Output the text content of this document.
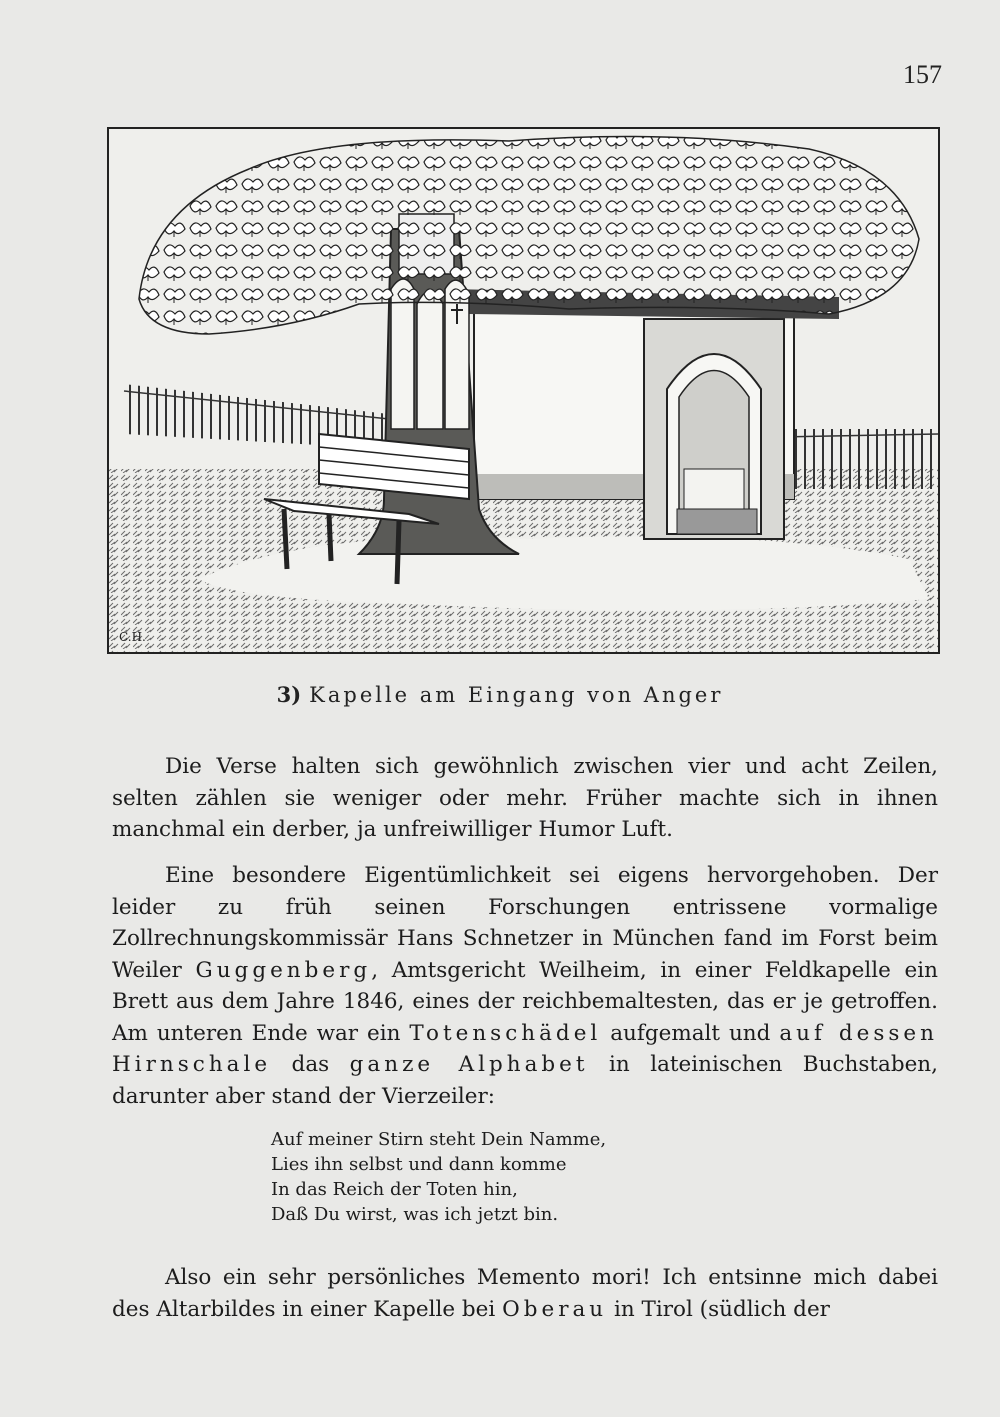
157
C.H.
3) Kapelle am Eingang von Anger
Die Verse halten sich gewöhnlich zwischen vier und acht Zeilen, selten zählen sie weniger oder mehr. Früher machte sich in ihnen manchmal ein derber, ja unfreiwilliger Humor Luft.
Eine besondere Eigentümlichkeit sei eigens hervorgehoben. Der leider zu früh seinen Forschungen entrissene vormalige Zollrechnungskommissär Hans Schnetzer in München fand im Forst beim Weiler Guggenberg, Amtsgericht Weilheim, in einer Feldkapelle ein Brett aus dem Jahre 1846, eines der reichbemaltesten, das er je getroffen. Am unteren Ende war ein Totenschädel aufgemalt und auf dessen Hirnschale das ganze Alphabet in lateinischen Buchstaben, darunter aber stand der Vierzeiler:
Auf meiner Stirn steht Dein Namme,
Lies ihn selbst und dann komme
In das Reich der Toten hin,
Daß Du wirst, was ich jetzt bin.
Also ein sehr persönliches Memento mori! Ich entsinne mich dabei des Altarbildes in einer Kapelle bei Oberau in Tirol (südlich der
